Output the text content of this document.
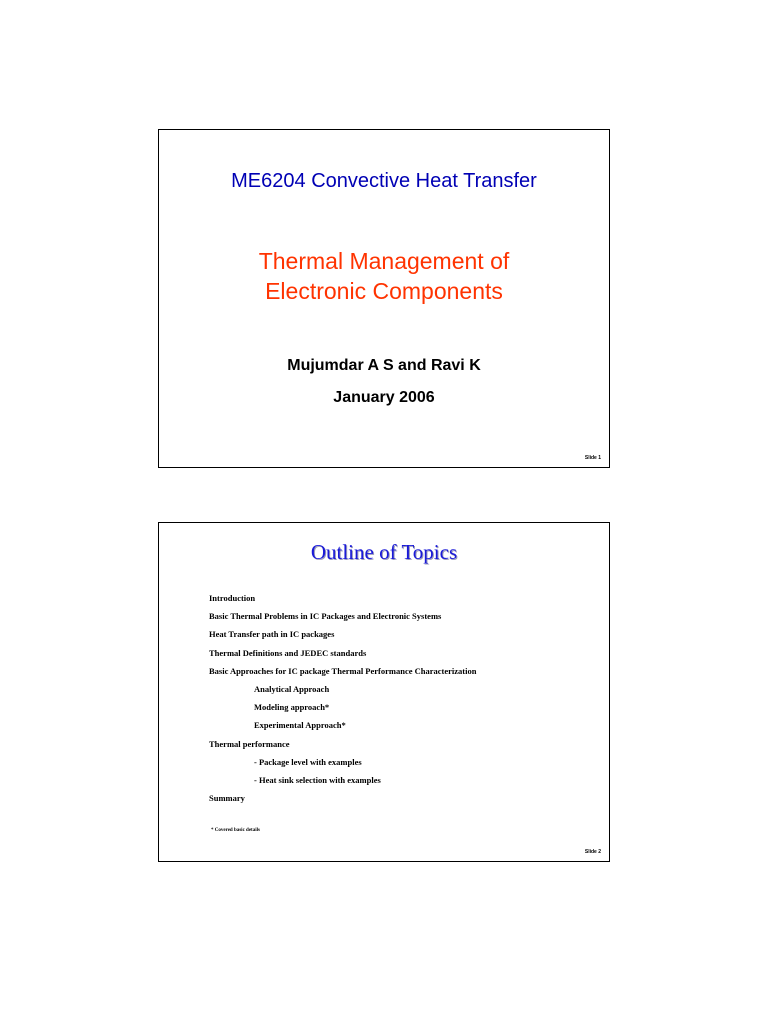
ME6204 Convective Heat Transfer
Thermal Management of
Electronic Components
Mujumdar A S and Ravi K
January 2006
Slide 1
Outline of Topics
Introduction
Basic Thermal Problems in IC Packages and Electronic Systems
Heat Transfer path in IC packages
Thermal Definitions and JEDEC standards
Basic Approaches for IC package Thermal Performance Characterization
Analytical Approach
Modeling approach*
Experimental Approach*
Thermal performance
- Package level with examples
- Heat sink selection with examples
Summary
* Covered basic details
Slide 2
